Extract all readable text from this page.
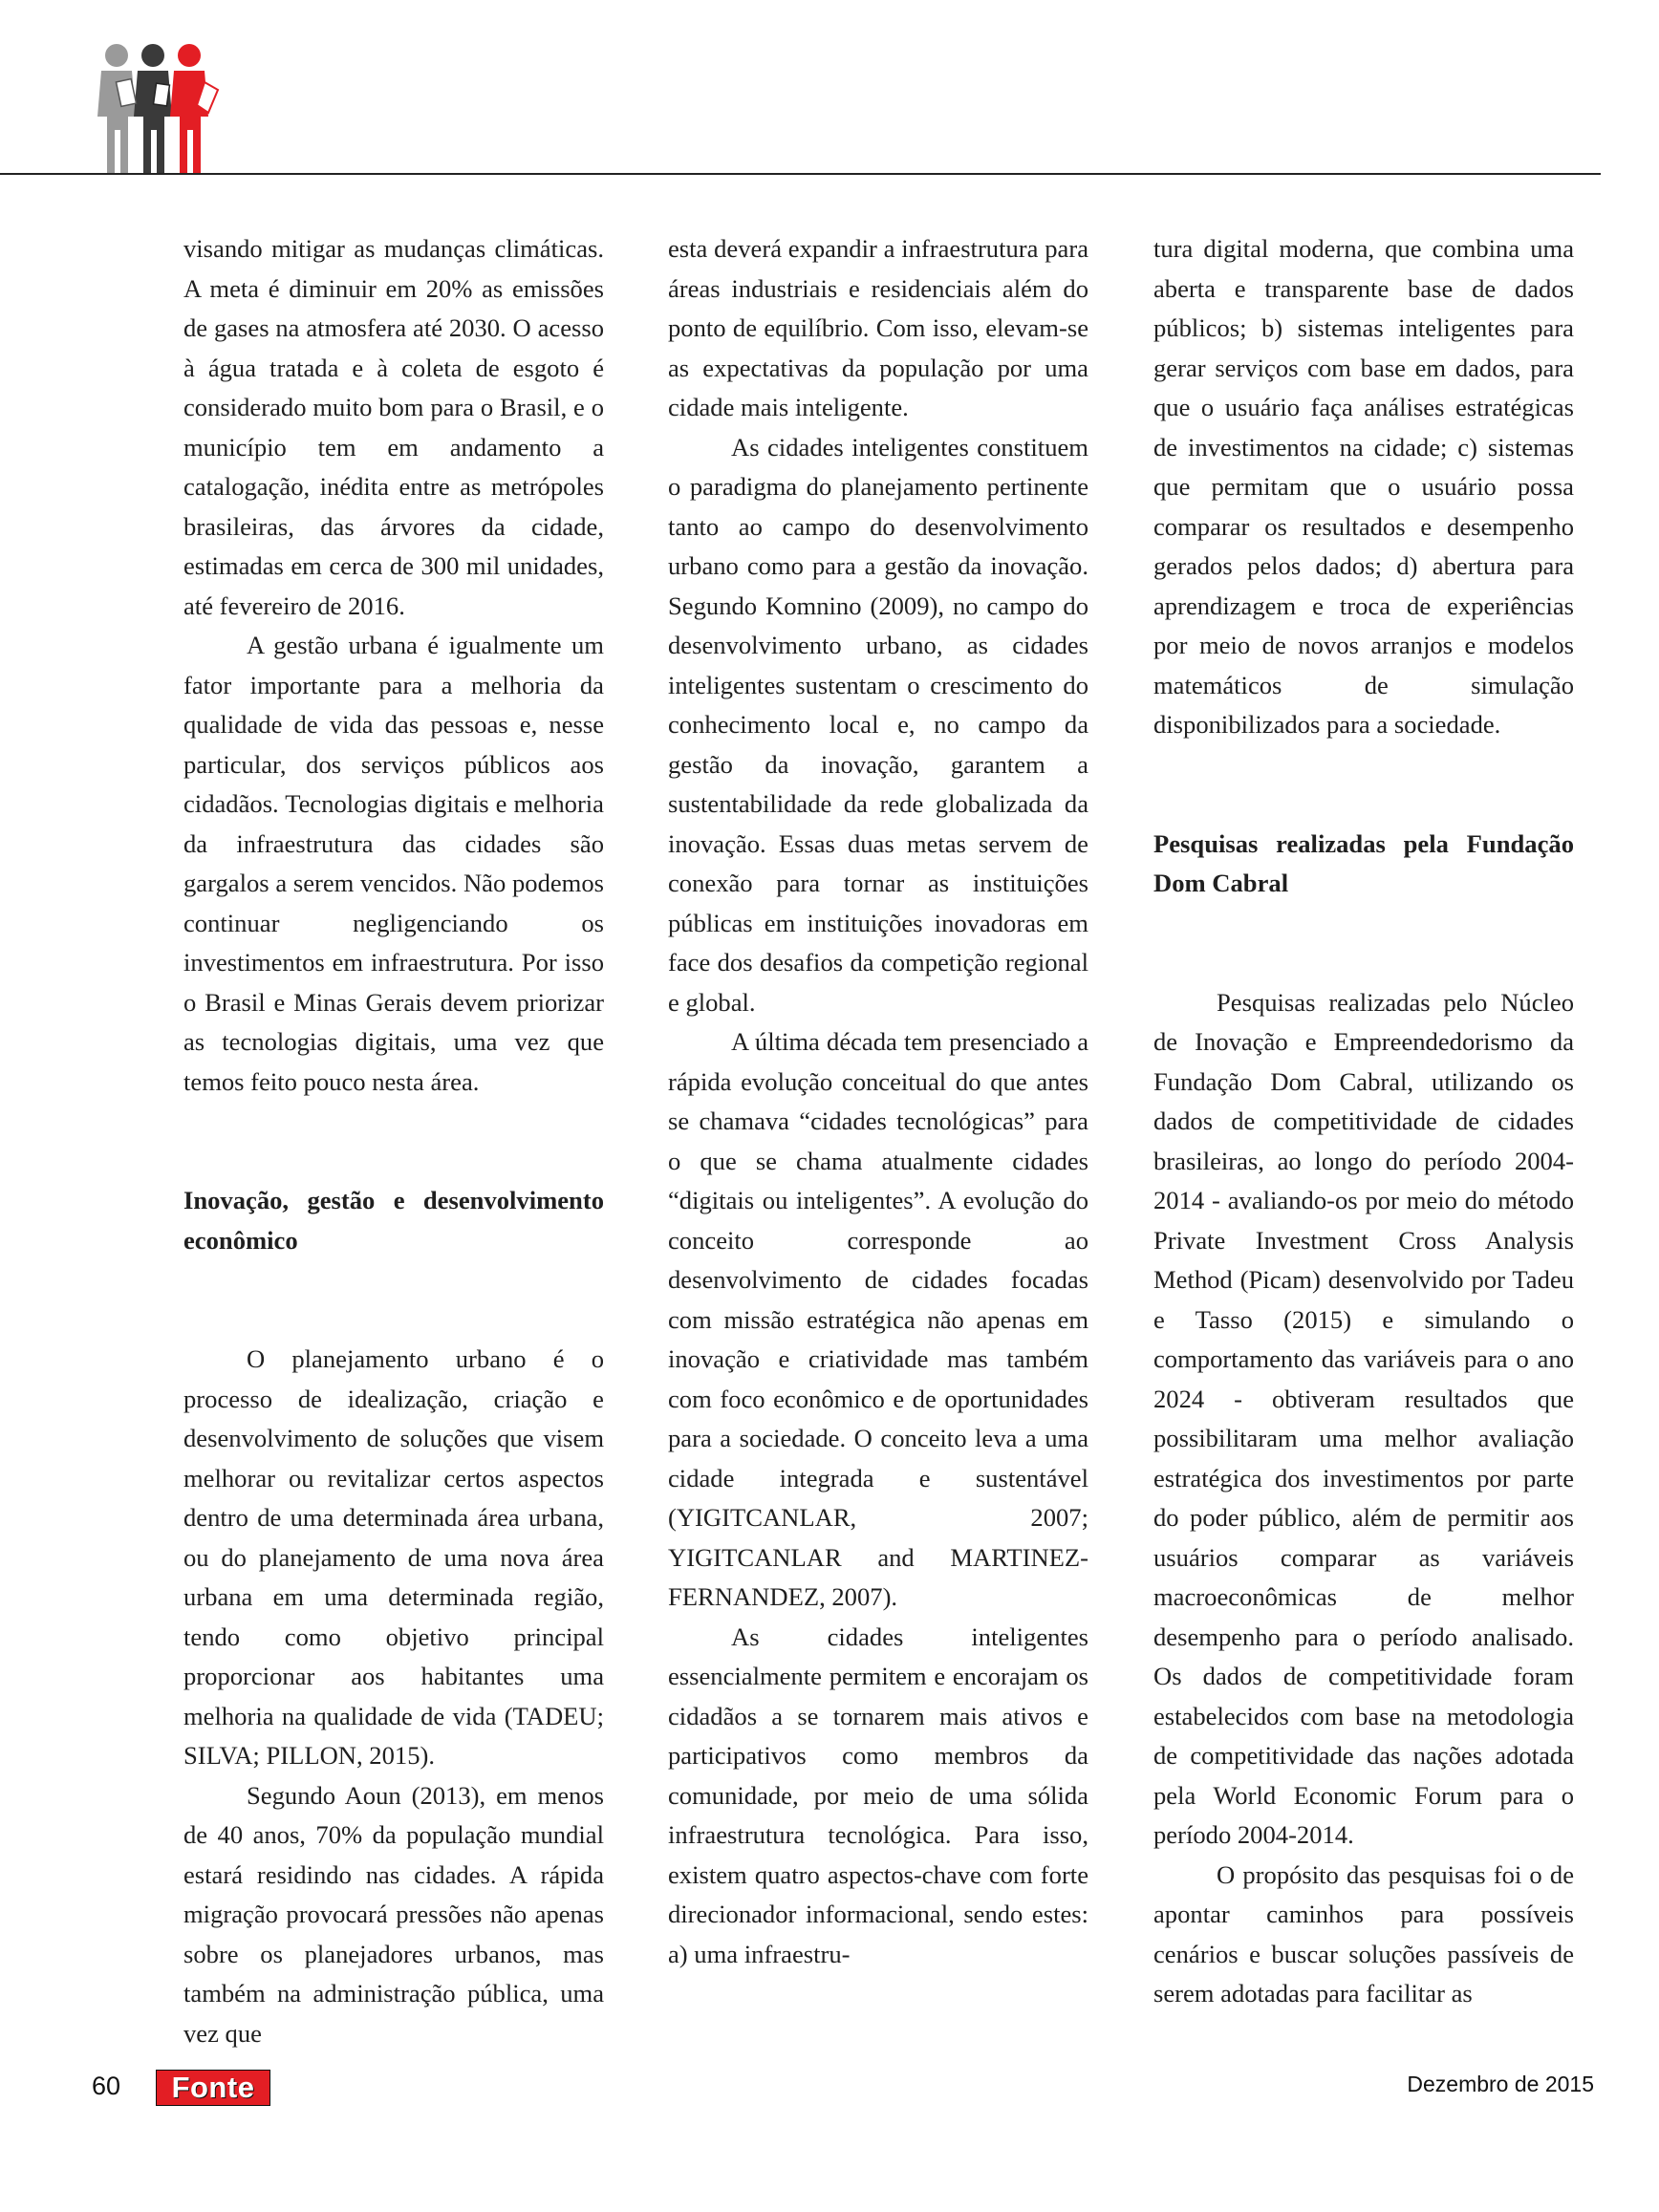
visando mitigar as mudanças climáticas. A meta é diminuir em 20% as emissões de gases na atmosfera até 2030. O acesso à água tratada e à coleta de esgoto é considerado muito bom para o Brasil, e o município tem em andamento a catalogação, inédita entre as metrópoles brasileiras, das árvores da cidade, estimadas em cerca de 300 mil unidades, até fevereiro de 2016.

A gestão urbana é igualmente um fator importante para a melhoria da qualidade de vida das pessoas e, nesse particular, dos serviços públicos aos cidadãos. Tecnologias digitais e melhoria da infraestrutura das cidades são gargalos a serem vencidos. Não podemos continuar negligenciando os investimentos em infraestrutura. Por isso o Brasil e Minas Gerais devem priorizar as tecnologias digitais, uma vez que temos feito pouco nesta área.

Inovação, gestão e desenvolvimento econômico

O planejamento urbano é o processo de idealização, criação e desenvolvimento de soluções que visem melhorar ou revitalizar certos aspectos dentro de uma determinada área urbana, ou do planejamento de uma nova área urbana em uma determinada região, tendo como objetivo principal proporcionar aos habitantes uma melhoria na qualidade de vida (TADEU; SILVA; PILLON, 2015).

Segundo Aoun (2013), em menos de 40 anos, 70% da população mundial estará residindo nas cidades. A rápida migração provocará pressões não apenas sobre os planejadores urbanos, mas também na administração pública, uma vez que

esta deverá expandir a infraestrutura para áreas industriais e residenciais além do ponto de equilíbrio. Com isso, elevam-se as expectativas da população por uma cidade mais inteligente.

As cidades inteligentes constituem o paradigma do planejamento pertinente tanto ao campo do desenvolvimento urbano como para a gestão da inovação. Segundo Komnino (2009), no campo do desenvolvimento urbano, as cidades inteligentes sustentam o crescimento do conhecimento local e, no campo da gestão da inovação, garantem a sustentabilidade da rede globalizada da inovação. Essas duas metas servem de conexão para tornar as instituições públicas em instituições inovadoras em face dos desafios da competição regional e global.

A última década tem presenciado a rápida evolução conceitual do que antes se chamava “cidades tecnológicas” para o que se chama atualmente cidades “digitais ou inteligentes”. A evolução do conceito corresponde ao desenvolvimento de cidades focadas com missão estratégica não apenas em inovação e criatividade mas também com foco econômico e de oportunidades para a sociedade. O conceito leva a uma cidade integrada e sustentável (YIGITCANLAR, 2007; YIGITCANLAR and MARTINEZ-FERNANDEZ, 2007).

As cidades inteligentes essencialmente permitem e encorajam os cidadãos a se tornarem mais ativos e participativos como membros da comunidade, por meio de uma sólida infraestrutura tecnológica. Para isso, existem quatro aspectos-chave com forte direcionador informacional, sendo estes: a) uma infraestru-

tura digital moderna, que combina uma aberta e transparente base de dados públicos; b) sistemas inteligentes para gerar serviços com base em dados, para que o usuário faça análises estratégicas de investimentos na cidade; c) sistemas que permitam que o usuário possa comparar os resultados e desempenho gerados pelos dados; d) abertura para aprendizagem e troca de experiências por meio de novos arranjos e modelos matemáticos de simulação disponibilizados para a sociedade.

Pesquisas realizadas pela Fundação Dom Cabral

Pesquisas realizadas pelo Núcleo de Inovação e Empreendedorismo da Fundação Dom Cabral, utilizando os dados de competitividade de cidades brasileiras, ao longo do período 2004-2014 - avaliando-os por meio do método Private Investment Cross Analysis Method (Picam) desenvolvido por Tadeu e Tasso (2015) e simulando o comportamento das variáveis para o ano 2024 - obtiveram resultados que possibilitaram uma melhor avaliação estratégica dos investimentos por parte do poder público, além de permitir aos usuários comparar as variáveis macroeconômicas de melhor desempenho para o período analisado. Os dados de competitividade foram estabelecidos com base na metodologia de competitividade das nações adotada pela World Economic Forum para o período 2004-2014.

O propósito das pesquisas foi o de apontar caminhos para possíveis cenários e buscar soluções passíveis de serem adotadas para facilitar as

60	Fonte	Dezembro de 2015
